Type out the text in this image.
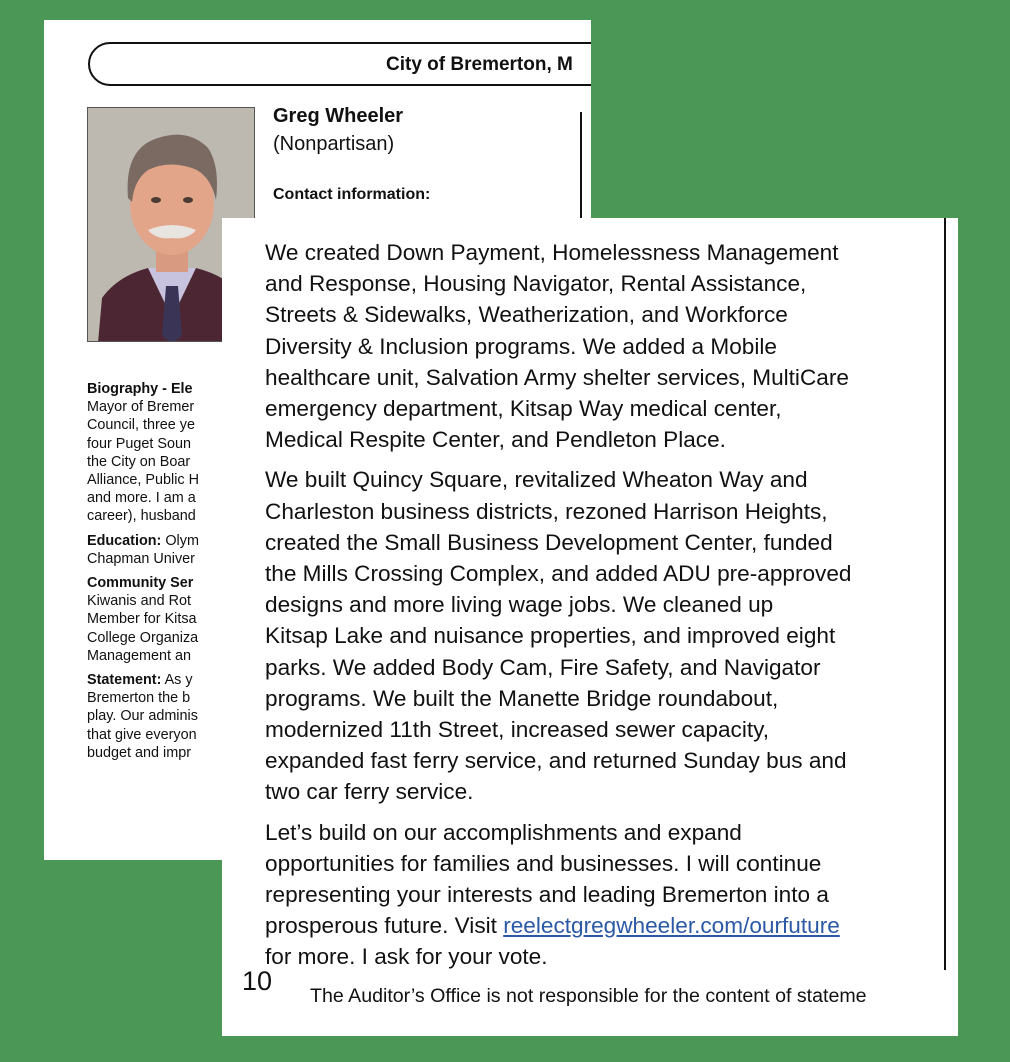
City of Bremerton, M
Greg Wheeler
(Nonpartisan)
Contact information:

Biography - Ele
Mayor of Bremer
Council, three ye
four Puget Soun
the City on Boar
Alliance, Public H
and more. I am a
career), husband

Education: Olym
Chapman Univer

Community Ser
Kiwanis and Rot
Member for Kitsa
College Organiza
Management an

Statement: As y
Bremerton the b
play. Our adminis
that give everyon
budget and impr

We created Down Payment, Homelessness Management
and Response, Housing Navigator, Rental Assistance,
Streets & Sidewalks, Weatherization, and Workforce
Diversity & Inclusion programs. We added a Mobile
healthcare unit, Salvation Army shelter services, MultiCare
emergency department, Kitsap Way medical center,
Medical Respite Center, and Pendleton Place.

We built Quincy Square, revitalized Wheaton Way and
Charleston business districts, rezoned Harrison Heights,
created the Small Business Development Center, funded
the Mills Crossing Complex, and added ADU pre-approved
designs and more living wage jobs. We cleaned up
Kitsap Lake and nuisance properties, and improved eight
parks. We added Body Cam, Fire Safety, and Navigator
programs. We built the Manette Bridge roundabout,
modernized 11th Street, increased sewer capacity,
expanded fast ferry service, and returned Sunday bus and
two car ferry service.

Let’s build on our accomplishments and expand
opportunities for families and businesses. I will continue
representing your interests and leading Bremerton into a
prosperous future. Visit reelectgregwheeler.com/ourfuture
for more. I ask for your vote.

10 The Auditor’s Office is not responsible for the content of stateme
